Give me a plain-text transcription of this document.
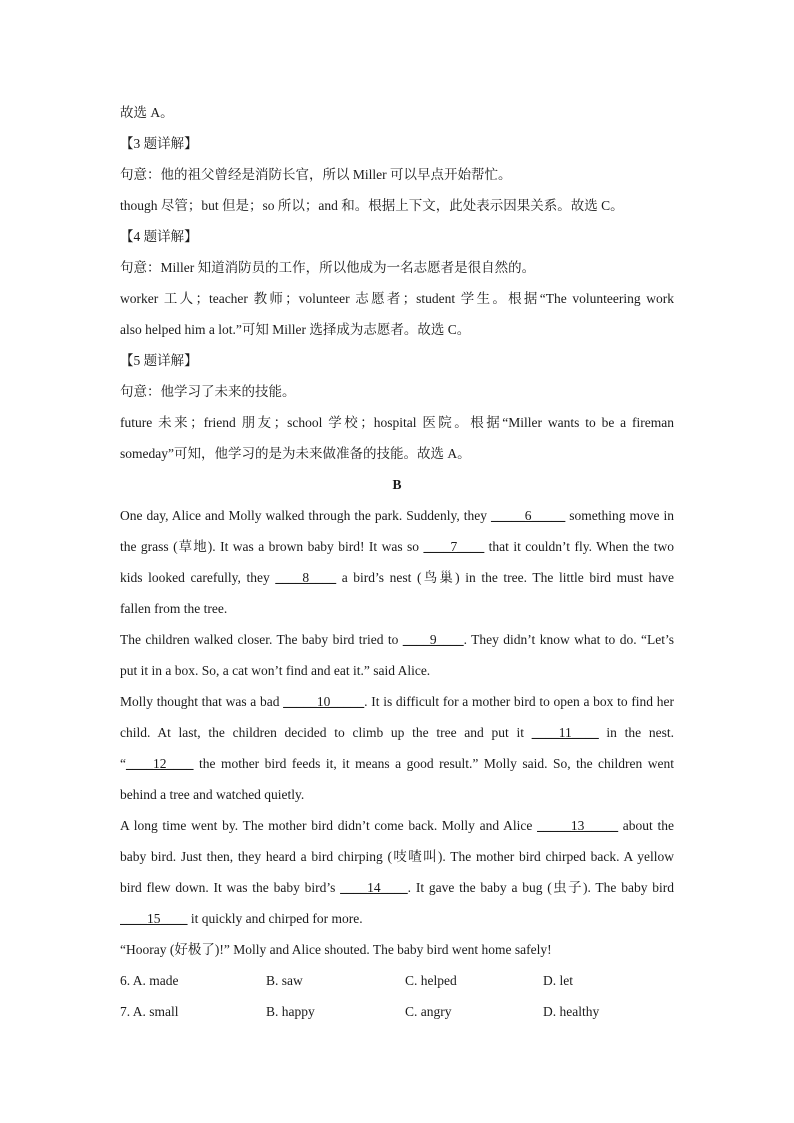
故选 A。
【3 题详解】
句意：他的祖父曾经是消防长官，所以 Miller 可以早点开始帮忙。
though 尽管；but 但是；so 所以；and 和。根据上下文，此处表示因果关系。故选 C。
【4 题详解】
句意：Miller 知道消防员的工作，所以他成为一名志愿者是很自然的。
worker 工人；teacher 教师；volunteer 志愿者；student 学生。根据“The volunteering work
also helped him a lot.”可知 Miller 选择成为志愿者。故选 C。
【5 题详解】
句意：他学习了未来的技能。
future 未来；friend 朋友；school 学校；hospital 医院。根据“Miller wants to be a fireman
someday”可知，他学习的是为未来做准备的技能。故选 A。
B
One day, Alice and Molly walked through the park. Suddenly, they _____6_____ something move in
the grass (草地). It was a brown baby bird! It was so ____7____ that it couldn’t fly. When the two
kids looked carefully, they ____8____ a bird’s nest (鸟巢) in the tree. The little bird must have
fallen from the tree.
The children walked closer. The baby bird tried to ____9____. They didn’t know what to do. “Let’s
put it in a box. So, a cat won’t find and eat it.” said Alice.
Molly thought that was a bad _____10_____. It is difficult for a mother bird to open a box to find her
child. At last, the children decided to climb up the tree and put it ____11____ in the nest.
“____12____ the mother bird feeds it, it means a good result.” Molly said. So, the children went
behind a tree and watched quietly.
A long time went by. The mother bird didn’t come back. Molly and Alice _____13_____ about the
baby bird. Just then, they heard a bird chirping (吱喳叫). The mother bird chirped back. A yellow
bird flew down. It was the baby bird’s ____14____. It gave the baby a bug (虫子). The baby bird
____15____ it quickly and chirped for more.
“Hooray (好极了)!” Molly and Alice shouted. The baby bird went home safely!
6. A. made	B. saw	C. helped	D. let
7. A. small	B. happy	C. angry	D. healthy
